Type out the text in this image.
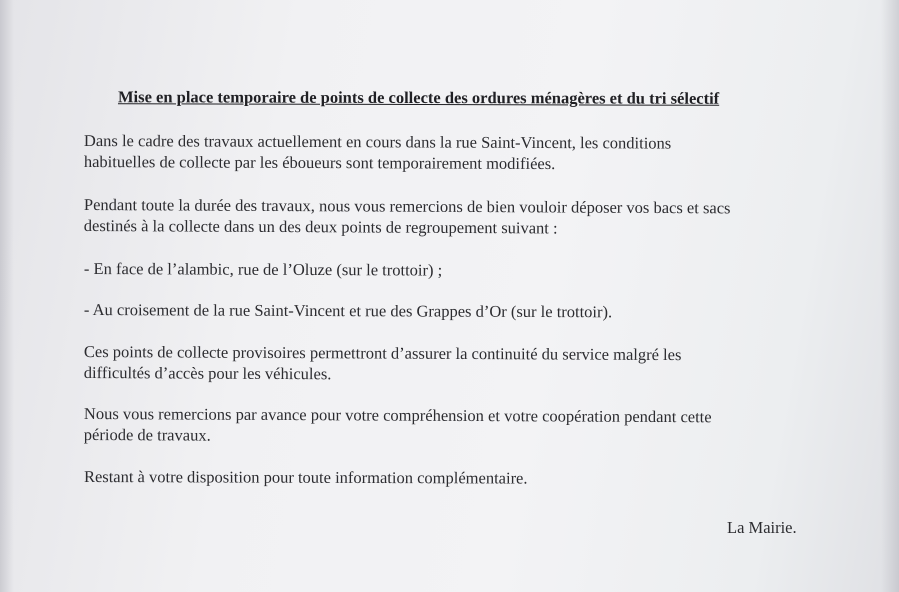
Mise en place temporaire de points de collecte des ordures ménagères et du tri sélectif
Dans le cadre des travaux actuellement en cours dans la rue Saint-Vincent, les conditions
habituelles de collecte par les éboueurs sont temporairement modifiées.
Pendant toute la durée des travaux, nous vous remercions de bien vouloir déposer vos bacs et sacs
destinés à la collecte dans un des deux points de regroupement suivant :
- En face de l’alambic, rue de l’Oluze (sur le trottoir) ;
- Au croisement de la rue Saint-Vincent et rue des Grappes d’Or (sur le trottoir).
Ces points de collecte provisoires permettront d’assurer la continuité du service malgré les
difficultés d’accès pour les véhicules.
Nous vous remercions par avance pour votre compréhension et votre coopération pendant cette
période de travaux.
Restant à votre disposition pour toute information complémentaire.
La Mairie.
